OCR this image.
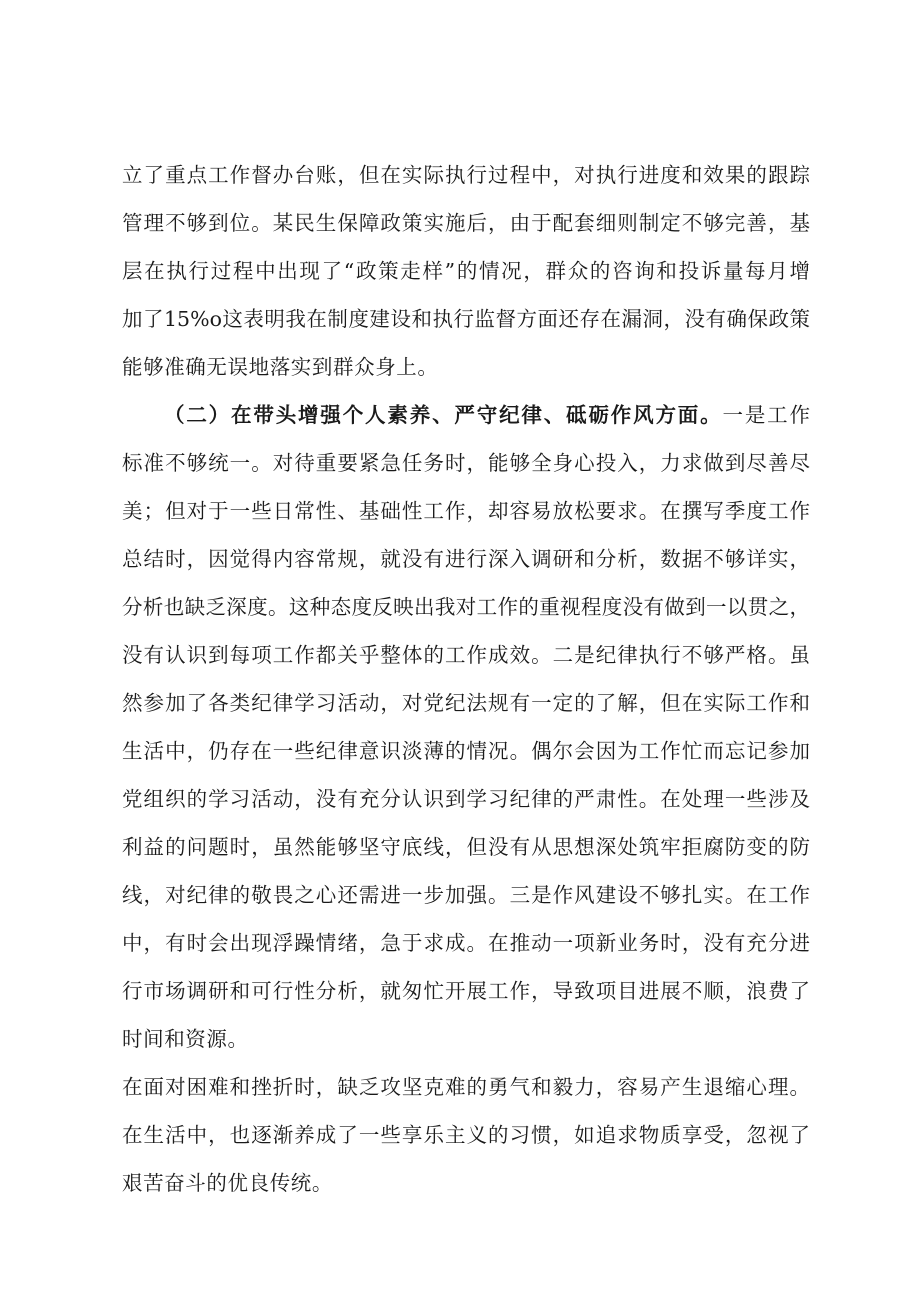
立了重点工作督办台账，但在实际执行过程中，对执行进度和效果的跟踪
管理不够到位。某民生保障政策实施后，由于配套细则制定不够完善，基
层在执行过程中出现了“政策走样”的情况，群众的咨询和投诉量每月增
加了15%o这表明我在制度建设和执行监督方面还存在漏洞，没有确保政策
能够准确无误地落实到群众身上。
（二）在带头增强个人素养、严守纪律、砥砺作风方面。一是工作
标准不够统一。对待重要紧急任务时，能够全身心投入，力求做到尽善尽
美；但对于一些日常性、基础性工作，却容易放松要求。在撰写季度工作
总结时，因觉得内容常规，就没有进行深入调研和分析，数据不够详实，
分析也缺乏深度。这种态度反映出我对工作的重视程度没有做到一以贯之，
没有认识到每项工作都关乎整体的工作成效。二是纪律执行不够严格。虽
然参加了各类纪律学习活动，对党纪法规有一定的了解，但在实际工作和
生活中，仍存在一些纪律意识淡薄的情况。偶尔会因为工作忙而忘记参加
党组织的学习活动，没有充分认识到学习纪律的严肃性。在处理一些涉及
利益的问题时，虽然能够坚守底线，但没有从思想深处筑牢拒腐防变的防
线，对纪律的敬畏之心还需进一步加强。三是作风建设不够扎实。在工作
中，有时会出现浮躁情绪，急于求成。在推动一项新业务时，没有充分进
行市场调研和可行性分析，就匆忙开展工作，导致项目进展不顺，浪费了
时间和资源。
在面对困难和挫折时，缺乏攻坚克难的勇气和毅力，容易产生退缩心理。
在生活中，也逐渐养成了一些享乐主义的习惯，如追求物质享受，忽视了
艰苦奋斗的优良传统。
